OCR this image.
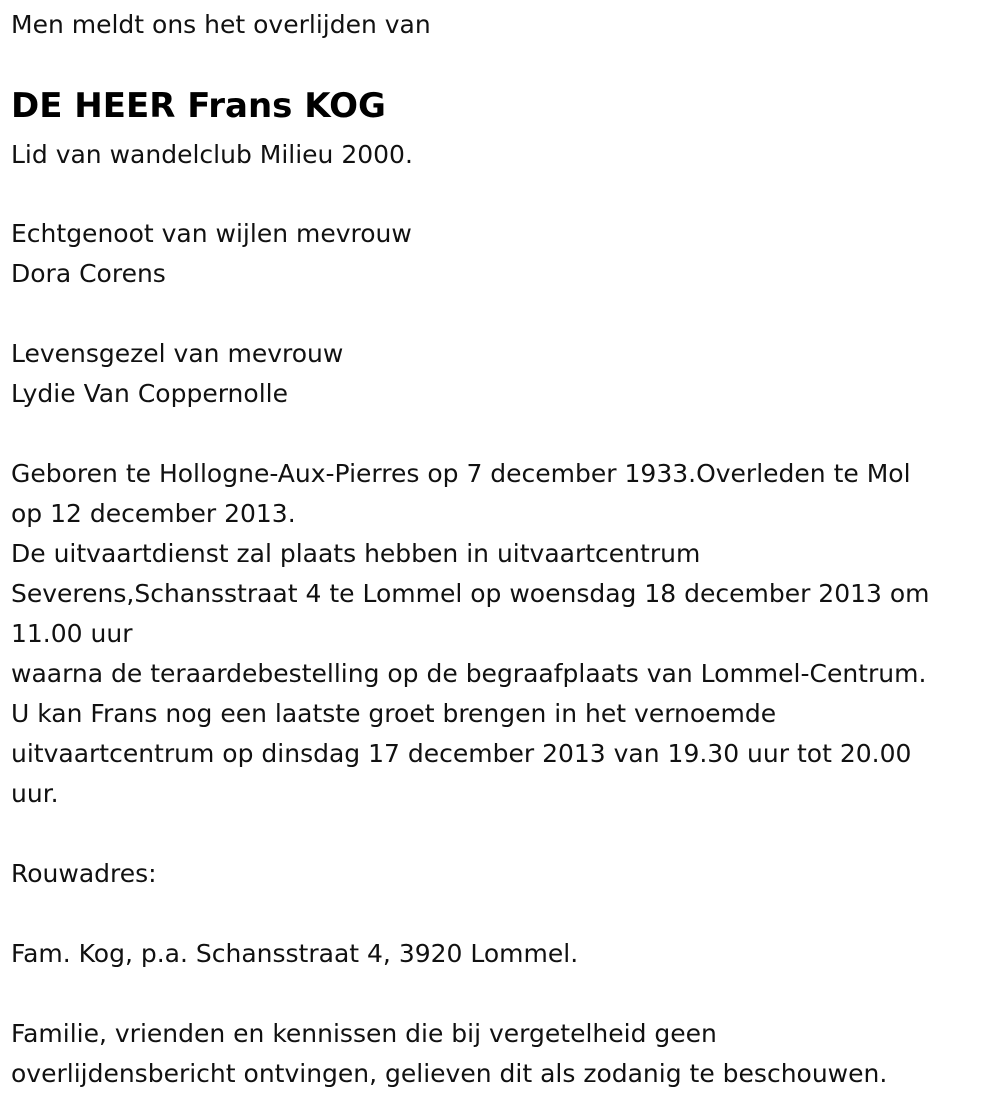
Men meldt ons het overlijden van
DE HEER Frans KOG
Lid van wandelclub Milieu 2000.
Echtgenoot van wijlen mevrouw
Dora Corens
Levensgezel van mevrouw
Lydie Van Coppernolle
Geboren te Hollogne-Aux-Pierres op 7 december 1933.Overleden te Mol
op 12 december 2013.
De uitvaartdienst zal plaats hebben in uitvaartcentrum
Severens,Schansstraat 4 te Lommel op woensdag 18 december 2013 om
11.00 uur
waarna de teraardebestelling op de begraafplaats van Lommel-Centrum.
U kan Frans nog een laatste groet brengen in het vernoemde
uitvaartcentrum op dinsdag 17 december 2013 van 19.30 uur tot 20.00
uur.
Rouwadres:
Fam. Kog, p.a. Schansstraat 4, 3920 Lommel.
Familie, vrienden en kennissen die bij vergetelheid geen
overlijdensbericht ontvingen, gelieven dit als zodanig te beschouwen.
